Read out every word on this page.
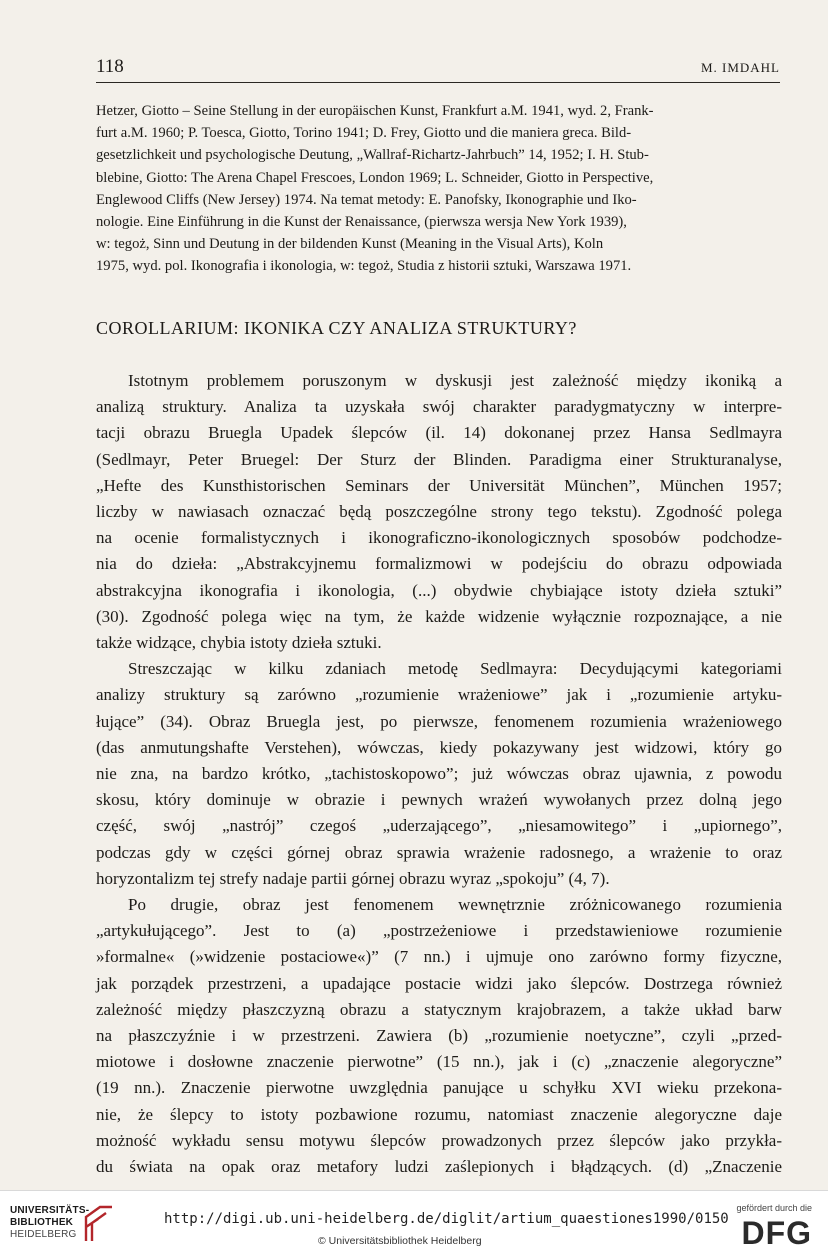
118	M. IMDAHL

Hetzer, Giotto – Seine Stellung in der europäischen Kunst, Frankfurt a.M. 1941, wyd. 2, Frank-
furt a.M. 1960; P. Toesca, Giotto, Torino 1941; D. Frey, Giotto und die maniera greca. Bild-
gesetzlichkeit und psychologische Deutung, „Wallraf-Richartz-Jahrbuch” 14, 1952; I. H. Stub-
blebine, Giotto: The Arena Chapel Frescoes, London 1969; L. Schneider, Giotto in Perspective,
Englewood Cliffs (New Jersey) 1974. Na temat metody: E. Panofsky, Ikonographie und Iko-
nologie. Eine Einführung in die Kunst der Renaissance, (pierwsza wersja New York 1939),
w: tegoż, Sinn und Deutung in der bildenden Kunst (Meaning in the Visual Arts), Koln
1975, wyd. pol. Ikonografia i ikonologia, w: tegoż, Studia z historii sztuki, Warszawa 1971.

COROLLARIUM: IKONIKA CZY ANALIZA STRUKTURY?
Istotnym problemem poruszonym w dyskusji jest zależność między ikoniką a
analizą struktury. Analiza ta uzyskała swój charakter paradygmatyczny w interpre-
tacji obrazu Bruegla Upadek ślepców (il. 14) dokonanej przez Hansa Sedlmayra
(Sedlmayr, Peter Bruegel: Der Sturz der Blinden. Paradigma einer Strukturanalyse,
„Hefte des Kunsthistorischen Seminars der Universität München”, München 1957;
liczby w nawiasach oznaczać będą poszczególne strony tego tekstu). Zgodność polega
na ocenie formalistycznych i ikonograficzno-ikonologicznych sposobów podchodze-
nia do dzieła: „Abstrakcyjnemu formalizmowi w podejściu do obrazu odpowiada
abstrakcyjna ikonografia i ikonologia, (...) obydwie chybiające istoty dzieła sztuki”
(30). Zgodność polega więc na tym, że każde widzenie wyłącznie rozpoznające, a nie
także widzące, chybia istoty dzieła sztuki.
Streszczając w kilku zdaniach metodę Sedlmayra: Decydującymi kategoriami
analizy struktury są zarówno „rozumienie wrażeniowe” jak i „rozumienie artyku-
łujące” (34). Obraz Bruegla jest, po pierwsze, fenomenem rozumienia wrażeniowego
(das anmutungshafte Verstehen), wówczas, kiedy pokazywany jest widzowi, który go
nie zna, na bardzo krótko, „tachistoskopowo”; już wówczas obraz ujawnia, z powodu
skosu, który dominuje w obrazie i pewnych wrażeń wywołanych przez dolną jego
część, swój „nastrój” czegoś „uderzającego”, „niesamowitego” i „upiornego”,
podczas gdy w części górnej obraz sprawia wrażenie radosnego, a wrażenie to oraz
horyzontalizm tej strefy nadaje partii górnej obrazu wyraz „spokoju” (4, 7).
Po drugie, obraz jest fenomenem wewnętrznie zróżnicowanego rozumienia
„artykułującego”. Jest to (a) „postrzeżeniowe i przedstawieniowe rozumienie
»formalne« (»widzenie postaciowe«)” (7 nn.) i ujmuje ono zarówno formy fizyczne,
jak porządek przestrzeni, a upadające postacie widzi jako ślepców. Dostrzega również
zależność między płaszczyzną obrazu a statycznym krajobrazem, a także układ barw
na płaszczyźnie i w przestrzeni. Zawiera (b) „rozumienie noetyczne”, czyli „przed-
miotowe i dosłowne znaczenie pierwotne” (15 nn.), jak i (c) „znaczenie alegoryczne”
(19 nn.). Znaczenie pierwotne uwzględnia panujące u schyłku XVI wieku przekona-
nie, że ślepcy to istoty pozbawione rozumu, natomiast znaczenie alegoryczne daje
możność wykładu sensu motywu ślepców prowadzonych przez ślepców jako przykła-
du świata na opak oraz metafory ludzi zaślepionych i błądzących. (d) „Znaczenie
UNIVERSITÄTS-
BIBLIOTHEK
HEIDELBERG
http://digi.ub.uni-heidelberg.de/diglit/artium_quaestiones1990/0150
© Universitätsbibliothek Heidelberg
gefördert durch die
DFG
